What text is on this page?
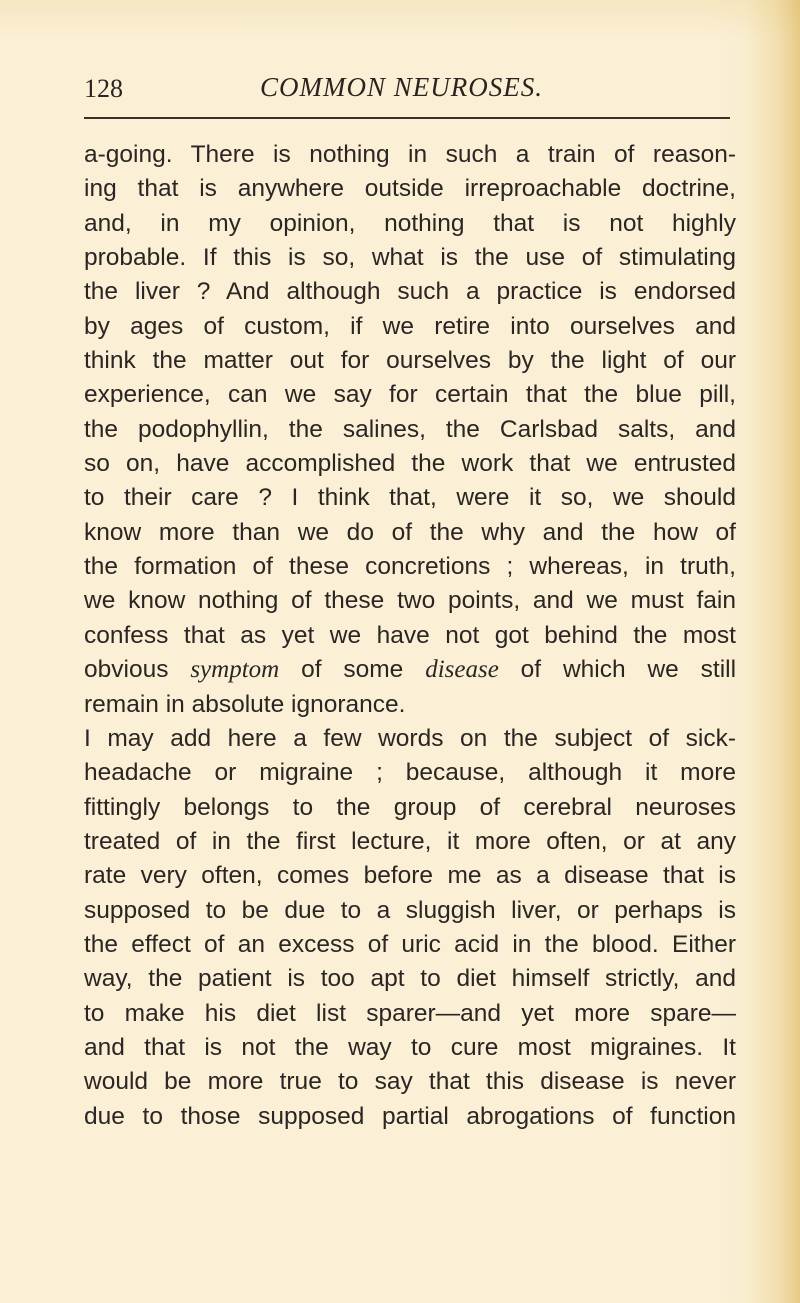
128	COMMON NEUROSES.
a-going. There is nothing in such a train of reason-
ing that is anywhere outside irreproachable doctrine,
and, in my opinion, nothing that is not highly
probable. If this is so, what is the use of stimulating
the liver ? And although such a practice is endorsed
by ages of custom, if we retire into ourselves and
think the matter out for ourselves by the light of our
experience, can we say for certain that the blue pill,
the podophyllin, the salines, the Carlsbad salts, and
so on, have accomplished the work that we entrusted
to their care ? I think that, were it so, we should
know more than we do of the why and the how of
the formation of these concretions ; whereas, in truth,
we know nothing of these two points, and we must fain
confess that as yet we have not got behind the most
obvious symptom of some disease of which we still
remain in absolute ignorance.
I may add here a few words on the subject of sick-
headache or migraine ; because, although it more
fittingly belongs to the group of cerebral neuroses
treated of in the first lecture, it more often, or at any
rate very often, comes before me as a disease that is
supposed to be due to a sluggish liver, or perhaps is
the effect of an excess of uric acid in the blood. Either
way, the patient is too apt to diet himself strictly, and
to make his diet list sparer—and yet more spare—
and that is not the way to cure most migraines. It
would be more true to say that this disease is never
due to those supposed partial abrogations of function
